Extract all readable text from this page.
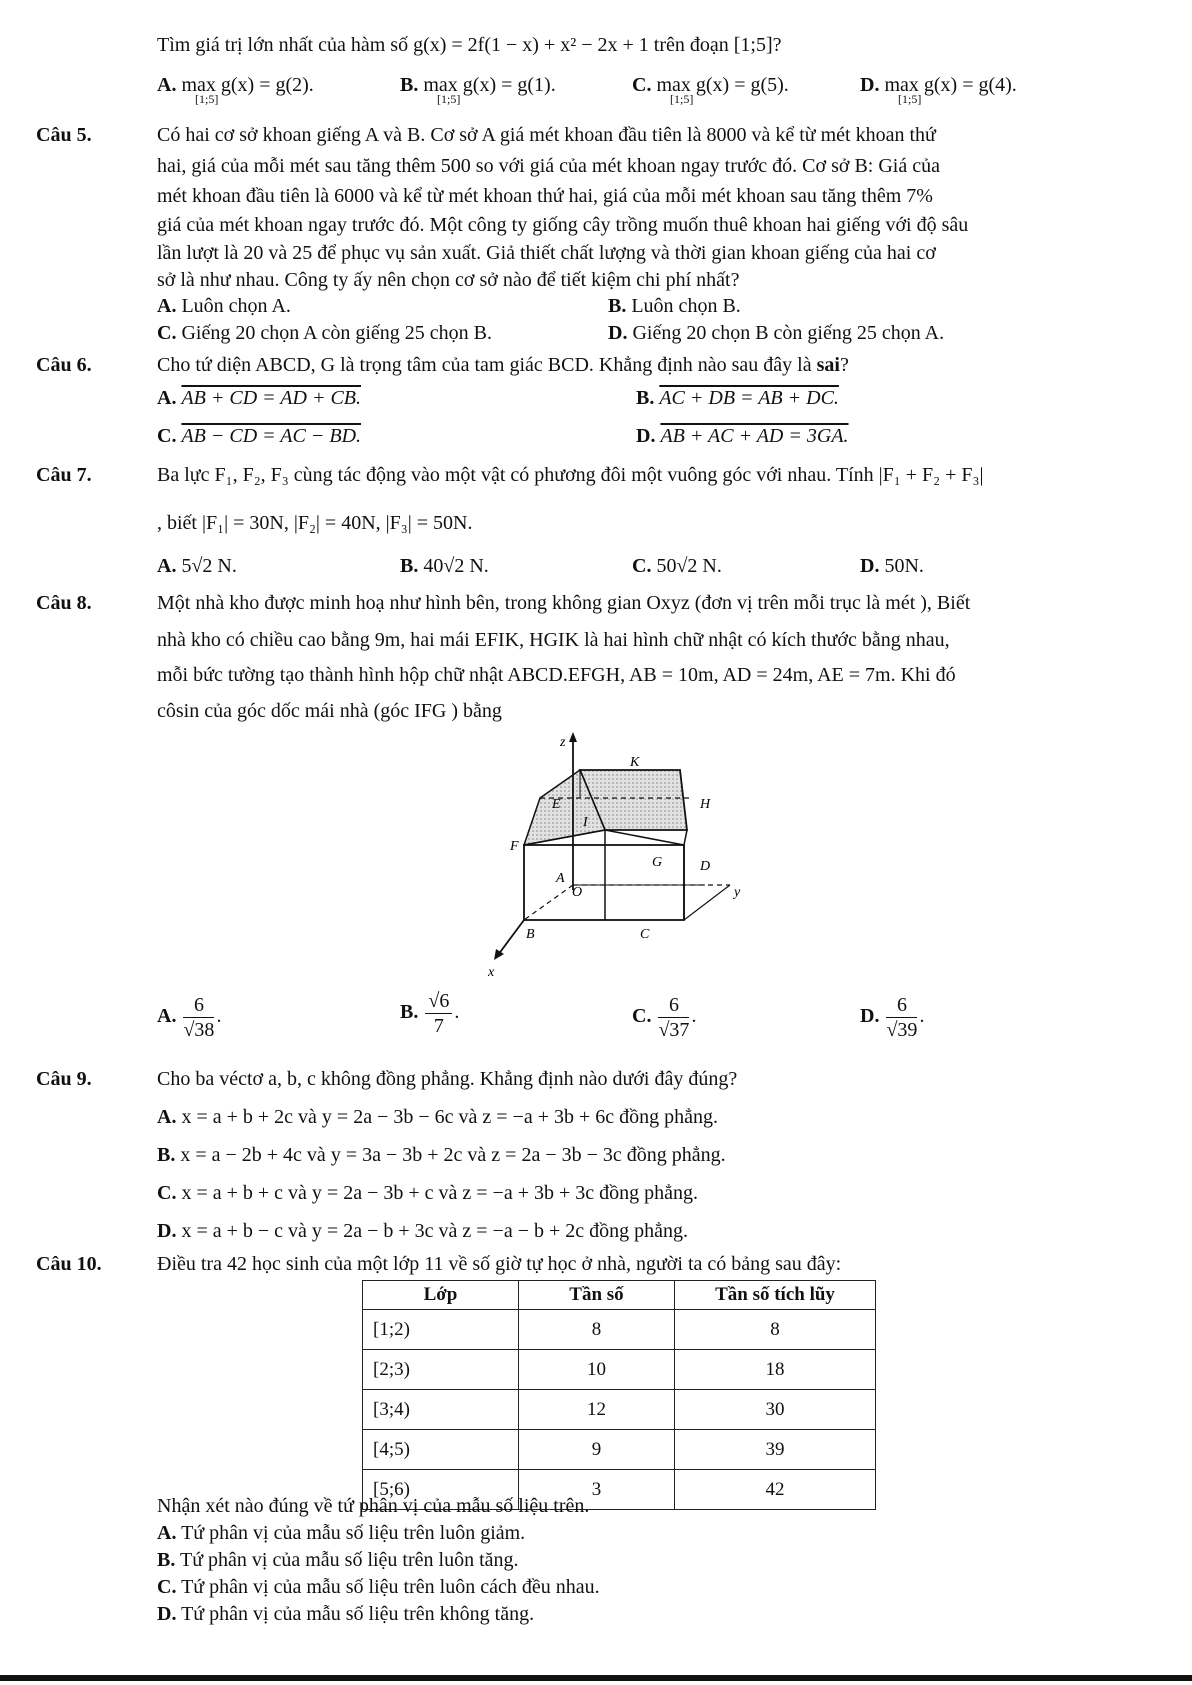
Tìm giá trị lớn nhất của hàm số g(x) = 2f(1 − x) + x² − 2x + 1 trên đoạn [1;5]?
A. max g(x) = g(2).	B. max g(x) = g(1).	C. max g(x) = g(5).	D. max g(x) = g(4).
[1;5]	[1;5]	[1;5]	[1;5]
Câu 5.	Có hai cơ sở khoan giếng A và B. Cơ sở A giá mét khoan đầu tiên là 8000 và kể từ mét khoan thứ
hai, giá của mỗi mét sau tăng thêm 500 so với giá của mét khoan ngay trước đó. Cơ sở B: Giá của
mét khoan đầu tiên là 6000 và kể từ mét khoan thứ hai, giá của mỗi mét khoan sau tăng thêm 7%
giá của mét khoan ngay trước đó. Một công ty giống cây trồng muốn thuê khoan hai giếng với độ sâu
lần lượt là 20 và 25 để phục vụ sản xuất. Giả thiết chất lượng và thời gian khoan giếng của hai cơ
sở là như nhau. Công ty ấy nên chọn cơ sở nào để tiết kiệm chi phí nhất?
A. Luôn chọn A.	B. Luôn chọn B.
C. Giếng 20 chọn A còn giếng 25 chọn B.	D. Giếng 20 chọn B còn giếng 25 chọn A.
Câu 6.	Cho tứ diện ABCD, G là trọng tâm của tam giác BCD. Khẳng định nào sau đây là sai?
A. AB + CD = AD + CB.	B. AC + DB = AB + DC.
C. AB − CD = AC − BD.	D. AB + AC + AD = 3GA.
Câu 7.	Ba lực F₁, F₂, F₃ cùng tác động vào một vật có phương đôi một vuông góc với nhau. Tính |F₁ + F₂ + F₃|
, biết |F₁| = 30N, |F₂| = 40N, |F₃| = 50N.
A. 5√2 N.	B. 40√2 N.	C. 50√2 N.	D. 50N.
Câu 8.	Một nhà kho được minh hoạ như hình bên, trong không gian Oxyz (đơn vị trên mỗi trục là mét ), Biết
nhà kho có chiều cao bằng 9m, hai mái EFIK, HGIK là hai hình chữ nhật có kích thước bằng nhau,
mỗi bức tường tạo thành hình hộp chữ nhật ABCD.EFGH, AB = 10m, AD = 24m, AE = 7m. Khi đó
côsin của góc dốc mái nhà (góc IFG ) bằng
z
K
E	H
I
F
G
A
D
O	y
B	C
x
A. $\frac{6}{√38}$ .	B. $\frac{√6}{7}$ .	C. $\frac{6}{√37}$ .	D. $\frac{6}{√39}$ .
Câu 9.	Cho ba véctơ a, b, c không đồng phẳng. Khẳng định nào dưới đây đúng?
A. x = a + b + 2c và y = 2a − 3b − 6c và z = −a + 3b + 6c đồng phẳng.
B. x = a − 2b + 4c và y = 3a − 3b + 2c và z = 2a − 3b − 3c đồng phẳng.
C. x = a + b + c và y = 2a − 3b + c và z = −a + 3b + 3c đồng phẳng.
D. x = a + b − c và y = 2a − b + 3c và z = −a − b + 2c đồng phẳng.
Câu 10.	Điều tra 42 học sinh của một lớp 11 về số giờ tự học ở nhà, người ta có bảng sau đây:
Lớp	Tần số	Tần số tích lũy
[1;2)	8	8
[2;3)	10	18
[3;4)	12	30
[4;5)	9	39
[5;6)	3	42
Nhận xét nào đúng về tứ phân vị của mẫu số liệu trên.
A. Tứ phân vị của mẫu số liệu trên luôn giảm.
B. Tứ phân vị của mẫu số liệu trên luôn tăng.
C. Tứ phân vị của mẫu số liệu trên luôn cách đều nhau.
D. Tứ phân vị của mẫu số liệu trên không tăng.
